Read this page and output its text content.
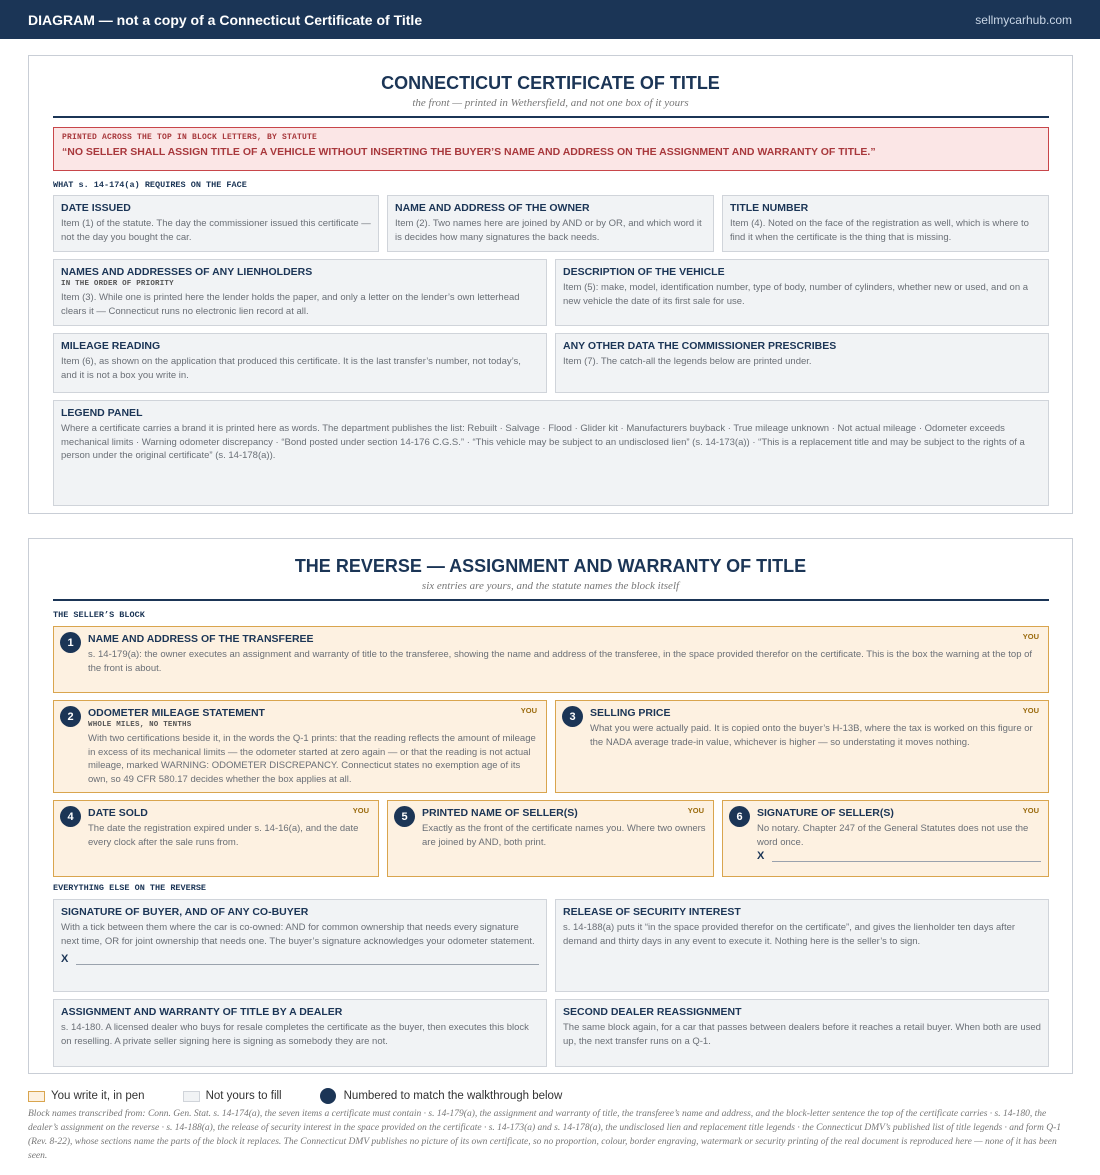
DIAGRAM — not a copy of a Connecticut Certificate of Title	sellmycarhub.com
CONNECTICUT CERTIFICATE OF TITLE
the front — printed in Wethersfield, and not one box of it yours
PRINTED ACROSS THE TOP IN BLOCK LETTERS, BY STATUTE
“NO SELLER SHALL ASSIGN TITLE OF A VEHICLE WITHOUT INSERTING THE BUYER’S NAME AND ADDRESS ON THE ASSIGNMENT AND WARRANTY OF TITLE.”
WHAT s. 14-174(a) REQUIRES ON THE FACE
DATE ISSUED
Item (1) of the statute. The day the commissioner issued this certificate — not the day you bought the car.
NAME AND ADDRESS OF THE OWNER
Item (2). Two names here are joined by AND or by OR, and which word it is decides how many signatures the back needs.
TITLE NUMBER
Item (4). Noted on the face of the registration as well, which is where to find it when the certificate is the thing that is missing.
NAMES AND ADDRESSES OF ANY LIENHOLDERS
IN THE ORDER OF PRIORITY
Item (3). While one is printed here the lender holds the paper, and only a letter on the lender’s own letterhead clears it — Connecticut runs no electronic lien record at all.
DESCRIPTION OF THE VEHICLE
Item (5): make, model, identification number, type of body, number of cylinders, whether new or used, and on a new vehicle the date of its first sale for use.
MILEAGE READING
Item (6), as shown on the application that produced this certificate. It is the last transfer’s number, not today’s, and it is not a box you write in.
ANY OTHER DATA THE COMMISSIONER PRESCRIBES
Item (7). The catch-all the legends below are printed under.
LEGEND PANEL
Where a certificate carries a brand it is printed here as words. The department publishes the list: Rebuilt · Salvage · Flood · Glider kit · Manufacturers buyback · True mileage unknown · Not actual mileage · Odometer exceeds mechanical limits · Warning odometer discrepancy · “Bond posted under section 14-176 C.G.S.” · “This vehicle may be subject to an undisclosed lien” (s. 14-173(a)) · “This is a replacement title and may be subject to the rights of a person under the original certificate” (s. 14-178(a)).
THE REVERSE — ASSIGNMENT AND WARRANTY OF TITLE
six entries are yours, and the statute names the block itself
THE SELLER’S BLOCK
1	YOU
NAME AND ADDRESS OF THE TRANSFEREE
s. 14-179(a): the owner executes an assignment and warranty of title to the transferee, showing the name and address of the transferee, in the space provided therefor on the certificate. This is the box the warning at the top of the front is about.
2	YOU
ODOMETER MILEAGE STATEMENT
WHOLE MILES, NO TENTHS
With two certifications beside it, in the words the Q-1 prints: that the reading reflects the amount of mileage in excess of its mechanical limits — the odometer started at zero again — or that the reading is not actual mileage, marked WARNING: ODOMETER DISCREPANCY. Connecticut states no exemption age of its own, so 49 CFR 580.17 decides whether the box applies at all.
3	YOU
SELLING PRICE
What you were actually paid. It is copied onto the buyer’s H-13B, where the tax is worked on this figure or the NADA average trade-in value, whichever is higher — so understating it moves nothing.
4	YOU
DATE SOLD
The date the registration expired under s. 14-16(a), and the date every clock after the sale runs from.
5	YOU
PRINTED NAME OF SELLER(S)
Exactly as the front of the certificate names you. Where two owners are joined by AND, both print.
6	YOU
SIGNATURE OF SELLER(S)
No notary. Chapter 247 of the General Statutes does not use the word once.
X
EVERYTHING ELSE ON THE REVERSE
SIGNATURE OF BUYER, AND OF ANY CO-BUYER
With a tick between them where the car is co-owned: AND for common ownership that needs every signature next time, OR for joint ownership that needs one. The buyer’s signature acknowledges your odometer statement.
X
RELEASE OF SECURITY INTEREST
s. 14-188(a) puts it “in the space provided therefor on the certificate”, and gives the lienholder ten days after demand and thirty days in any event to execute it. Nothing here is the seller’s to sign.
ASSIGNMENT AND WARRANTY OF TITLE BY A DEALER
s. 14-180. A licensed dealer who buys for resale completes the certificate as the buyer, then executes this block on reselling. A private seller signing here is signing as somebody they are not.
SECOND DEALER REASSIGNMENT
The same block again, for a car that passes between dealers before it reaches a retail buyer. When both are used up, the next transfer runs on a Q-1.
You write it, in pen	Not yours to fill	Numbered to match the walkthrough below
Block names transcribed from: Conn. Gen. Stat. s. 14-174(a), the seven items a certificate must contain · s. 14-179(a), the assignment and warranty of title, the transferee’s name and address, and the block-letter sentence the top of the certificate carries · s. 14-180, the dealer’s assignment on the reverse · s. 14-188(a), the release of security interest in the space provided on the certificate · s. 14-173(a) and s. 14-178(a), the undisclosed lien and replacement title legends · the Connecticut DMV’s published list of title legends · and form Q-1 (Rev. 8-22), whose sections name the parts of the block it replaces. The Connecticut DMV publishes no picture of its own certificate, so no proportion, colour, border engraving, watermark or security printing of the real document is reproduced here — none of it has been seen.
